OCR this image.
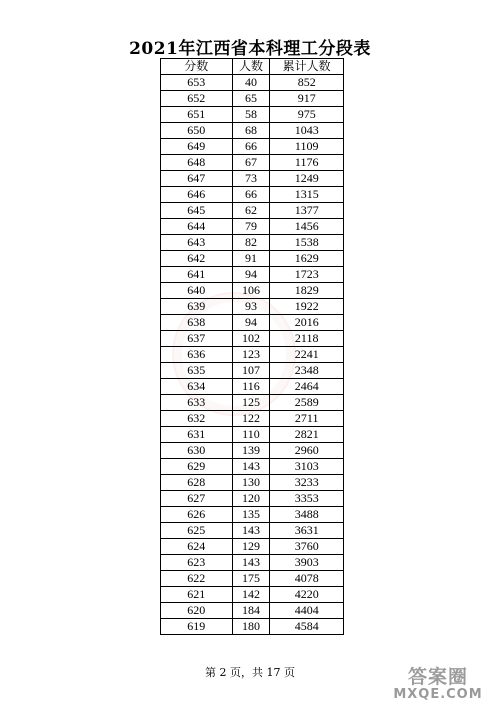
2021年江西省本科理工分段表
分数	人数	累计人数
653	40	852
652	65	917
651	58	975
650	68	1043
649	66	1109
648	67	1176
647	73	1249
646	66	1315
645	62	1377
644	79	1456
643	82	1538
642	91	1629
641	94	1723
640	106	1829
639	93	1922
638	94	2016
637	102	2118
636	123	2241
635	107	2348
634	116	2464
633	125	2589
632	122	2711
631	110	2821
630	139	2960
629	143	3103
628	130	3233
627	120	3353
626	135	3488
625	143	3631
624	129	3760
623	143	3903
622	175	4078
621	142	4220
620	184	4404
619	180	4584
第 2 页，共 17 页	答案圈
MXQE.COM
